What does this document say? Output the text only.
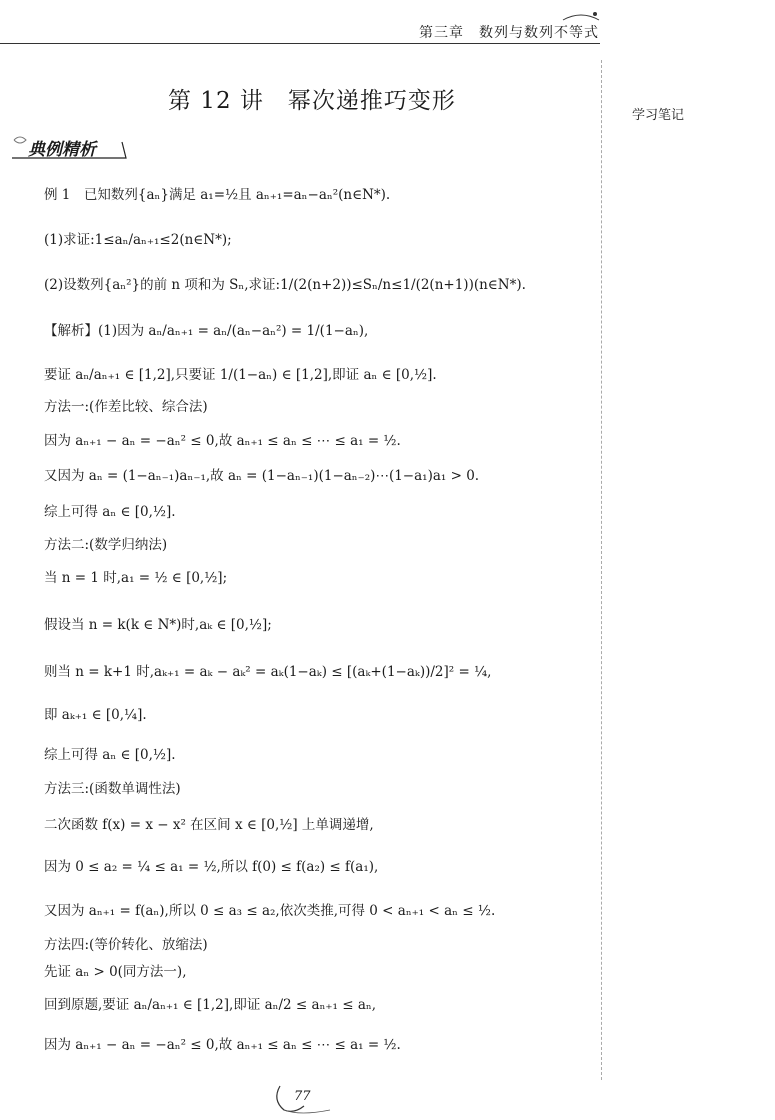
第三章　数列与数列不等式
学习笔记
第 12 讲　幂次递推巧变形
典例精析
例 1　已知数列{aₙ}满足 a₁=½且 aₙ₊₁=aₙ−aₙ²(n∈N*).
(1)求证:1≤aₙ/aₙ₊₁≤2(n∈N*);
(2)设数列{aₙ²}的前 n 项和为 Sₙ,求证:1/(2(n+2))≤Sₙ/n≤1/(2(n+1))(n∈N*).
【解析】(1)因为 aₙ/aₙ₊₁ = aₙ/(aₙ−aₙ²) = 1/(1−aₙ),
要证 aₙ/aₙ₊₁ ∈ [1,2],只要证 1/(1−aₙ) ∈ [1,2],即证 aₙ ∈ [0,½].
方法一:(作差比较、综合法)
因为 aₙ₊₁ − aₙ = −aₙ² ≤ 0,故 aₙ₊₁ ≤ aₙ ≤ ⋯ ≤ a₁ = ½.
又因为 aₙ = (1−aₙ₋₁)aₙ₋₁,故 aₙ = (1−aₙ₋₁)(1−aₙ₋₂)⋯(1−a₁)a₁ > 0.
综上可得 aₙ ∈ [0,½].
方法二:(数学归纳法)
当 n = 1 时,a₁ = ½ ∈ [0,½];
假设当 n = k(k ∈ N*)时,aₖ ∈ [0,½];
则当 n = k+1 时,aₖ₊₁ = aₖ − aₖ² = aₖ(1−aₖ) ≤ [(aₖ+(1−aₖ))/2]² = ¼,
即 aₖ₊₁ ∈ [0,¼].
综上可得 aₙ ∈ [0,½].
方法三:(函数单调性法)
二次函数 f(x) = x − x² 在区间 x ∈ [0,½] 上单调递增,
因为 0 ≤ a₂ = ¼ ≤ a₁ = ½,所以 f(0) ≤ f(a₂) ≤ f(a₁),
又因为 aₙ₊₁ = f(aₙ),所以 0 ≤ a₃ ≤ a₂,依次类推,可得 0 < aₙ₊₁ < aₙ ≤ ½.
方法四:(等价转化、放缩法)
先证 aₙ > 0(同方法一),
回到原题,要证 aₙ/aₙ₊₁ ∈ [1,2],即证 aₙ/2 ≤ aₙ₊₁ ≤ aₙ,
因为 aₙ₊₁ − aₙ = −aₙ² ≤ 0,故 aₙ₊₁ ≤ aₙ ≤ ⋯ ≤ a₁ = ½.
77
